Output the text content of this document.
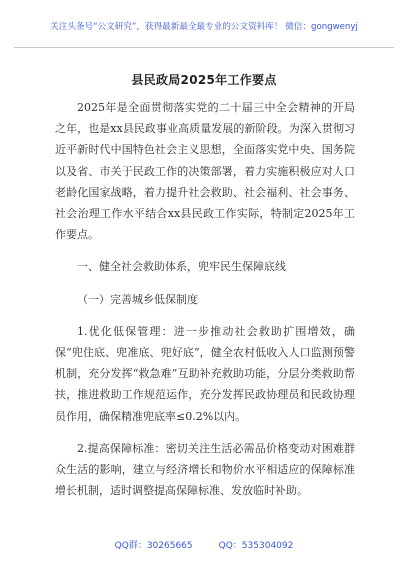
关注头条号“公文研究”，获得最新最全最专业的公文资料库！ 微信：gongwenyj
县民政局2025年工作要点

2025年是全面贯彻落实党的二十届三中全会精神的开局之年，也是xx县民政事业高质量发展的新阶段。为深入贯彻习近平新时代中国特色社会主义思想，全面落实党中央、国务院以及省、市关于民政工作的决策部署，着力实施积极应对人口老龄化国家战略，着力提升社会救助、社会福利、社会事务、社会治理工作水平结合xx县民政工作实际，特制定2025年工作要点。

一、健全社会救助体系，兜牢民生保障底线

（一）完善城乡低保制度

1.优化低保管理：进一步推动社会救助扩围增效，确保“兜住底、兜准底、兜好底”，健全农村低收入人口监测预警机制，充分发挥“救急难”互助补充救助功能，分层分类救助帮扶，推进救助工作规范运作，充分发挥民政协理员和民政协理员作用，确保精准兜底率≤0.2%以内。

2.提高保障标准：密切关注生活必需品价格变动对困难群众生活的影响，建立与经济增长和物价水平相适应的保障标准增长机制，适时调整提高保障标准、发放临时补助。

QQ群：30265665	QQ：535304092
